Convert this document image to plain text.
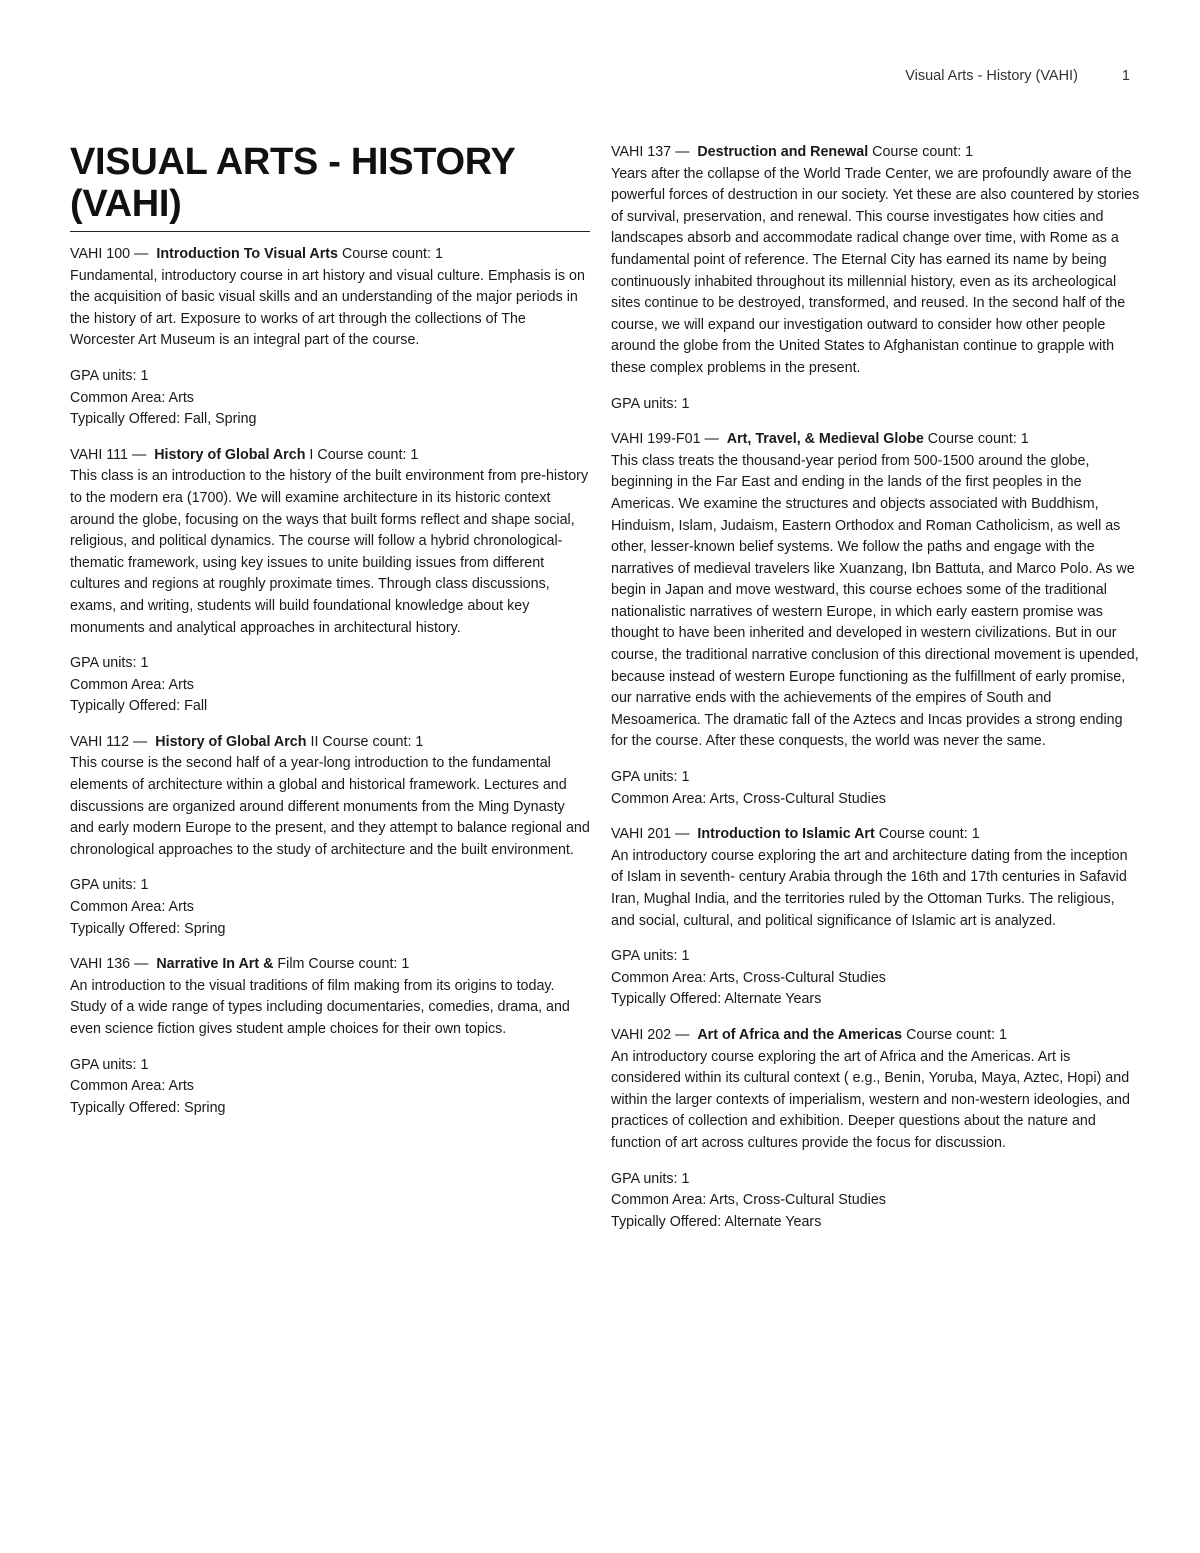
Visual Arts - History (VAHI)	1
VISUAL ARTS - HISTORY (VAHI)
VAHI 100 — Introduction To Visual Arts Course count: 1

Fundamental, introductory course in art history and visual culture. Emphasis is on the acquisition of basic visual skills and an understanding of the major periods in the history of art. Exposure to works of art through the collections of The Worcester Art Museum is an integral part of the course.

GPA units: 1
Common Area: Arts
Typically Offered: Fall, Spring
VAHI 111 — History of Global Arch I Course count: 1

This class is an introduction to the history of the built environment from pre-history to the modern era (1700). We will examine architecture in its historic context around the globe, focusing on the ways that built forms reflect and shape social, religious, and political dynamics. The course will follow a hybrid chronological-thematic framework, using key issues to unite building issues from different cultures and regions at roughly proximate times. Through class discussions, exams, and writing, students will build foundational knowledge about key monuments and analytical approaches in architectural history.

GPA units: 1
Common Area: Arts
Typically Offered: Fall
VAHI 112 — History of Global Arch II Course count: 1

This course is the second half of a year-long introduction to the fundamental elements of architecture within a global and historical framework. Lectures and discussions are organized around different monuments from the Ming Dynasty and early modern Europe to the present, and they attempt to balance regional and chronological approaches to the study of architecture and the built environment.

GPA units: 1
Common Area: Arts
Typically Offered: Spring
VAHI 136 — Narrative In Art & Film Course count: 1

An introduction to the visual traditions of film making from its origins to today. Study of a wide range of types including documentaries, comedies, drama, and even science fiction gives student ample choices for their own topics.

GPA units: 1
Common Area: Arts
Typically Offered: Spring
VAHI 137 — Destruction and Renewal Course count: 1

Years after the collapse of the World Trade Center, we are profoundly aware of the powerful forces of destruction in our society. Yet these are also countered by stories of survival, preservation, and renewal. This course investigates how cities and landscapes absorb and accommodate radical change over time, with Rome as a fundamental point of reference. The Eternal City has earned its name by being continuously inhabited throughout its millennial history, even as its archeological sites continue to be destroyed, transformed, and reused. In the second half of the course, we will expand our investigation outward to consider how other people around the globe from the United States to Afghanistan continue to grapple with these complex problems in the present.

GPA units: 1
VAHI 199-F01 — Art, Travel, & Medieval Globe Course count: 1

This class treats the thousand-year period from 500-1500 around the globe, beginning in the Far East and ending in the lands of the first peoples in the Americas. We examine the structures and objects associated with Buddhism, Hinduism, Islam, Judaism, Eastern Orthodox and Roman Catholicism, as well as other, lesser-known belief systems. We follow the paths and engage with the narratives of medieval travelers like Xuanzang, Ibn Battuta, and Marco Polo. As we begin in Japan and move westward, this course echoes some of the traditional nationalistic narratives of western Europe, in which early eastern promise was thought to have been inherited and developed in western civilizations. But in our course, the traditional narrative conclusion of this directional movement is upended, because instead of western Europe functioning as the fulfillment of early promise, our narrative ends with the achievements of the empires of South and Mesoamerica. The dramatic fall of the Aztecs and Incas provides a strong ending for the course. After these conquests, the world was never the same.

GPA units: 1
Common Area: Arts, Cross-Cultural Studies
VAHI 201 — Introduction to Islamic Art Course count: 1

An introductory course exploring the art and architecture dating from the inception of Islam in seventh- century Arabia through the 16th and 17th centuries in Safavid Iran, Mughal India, and the territories ruled by the Ottoman Turks. The religious, and social, cultural, and political significance of Islamic art is analyzed.

GPA units: 1
Common Area: Arts, Cross-Cultural Studies
Typically Offered: Alternate Years
VAHI 202 — Art of Africa and the Americas Course count: 1

An introductory course exploring the art of Africa and the Americas. Art is considered within its cultural context ( e.g., Benin, Yoruba, Maya, Aztec, Hopi) and within the larger contexts of imperialism, western and non-western ideologies, and practices of collection and exhibition. Deeper questions about the nature and function of art across cultures provide the focus for discussion.

GPA units: 1
Common Area: Arts, Cross-Cultural Studies
Typically Offered: Alternate Years
